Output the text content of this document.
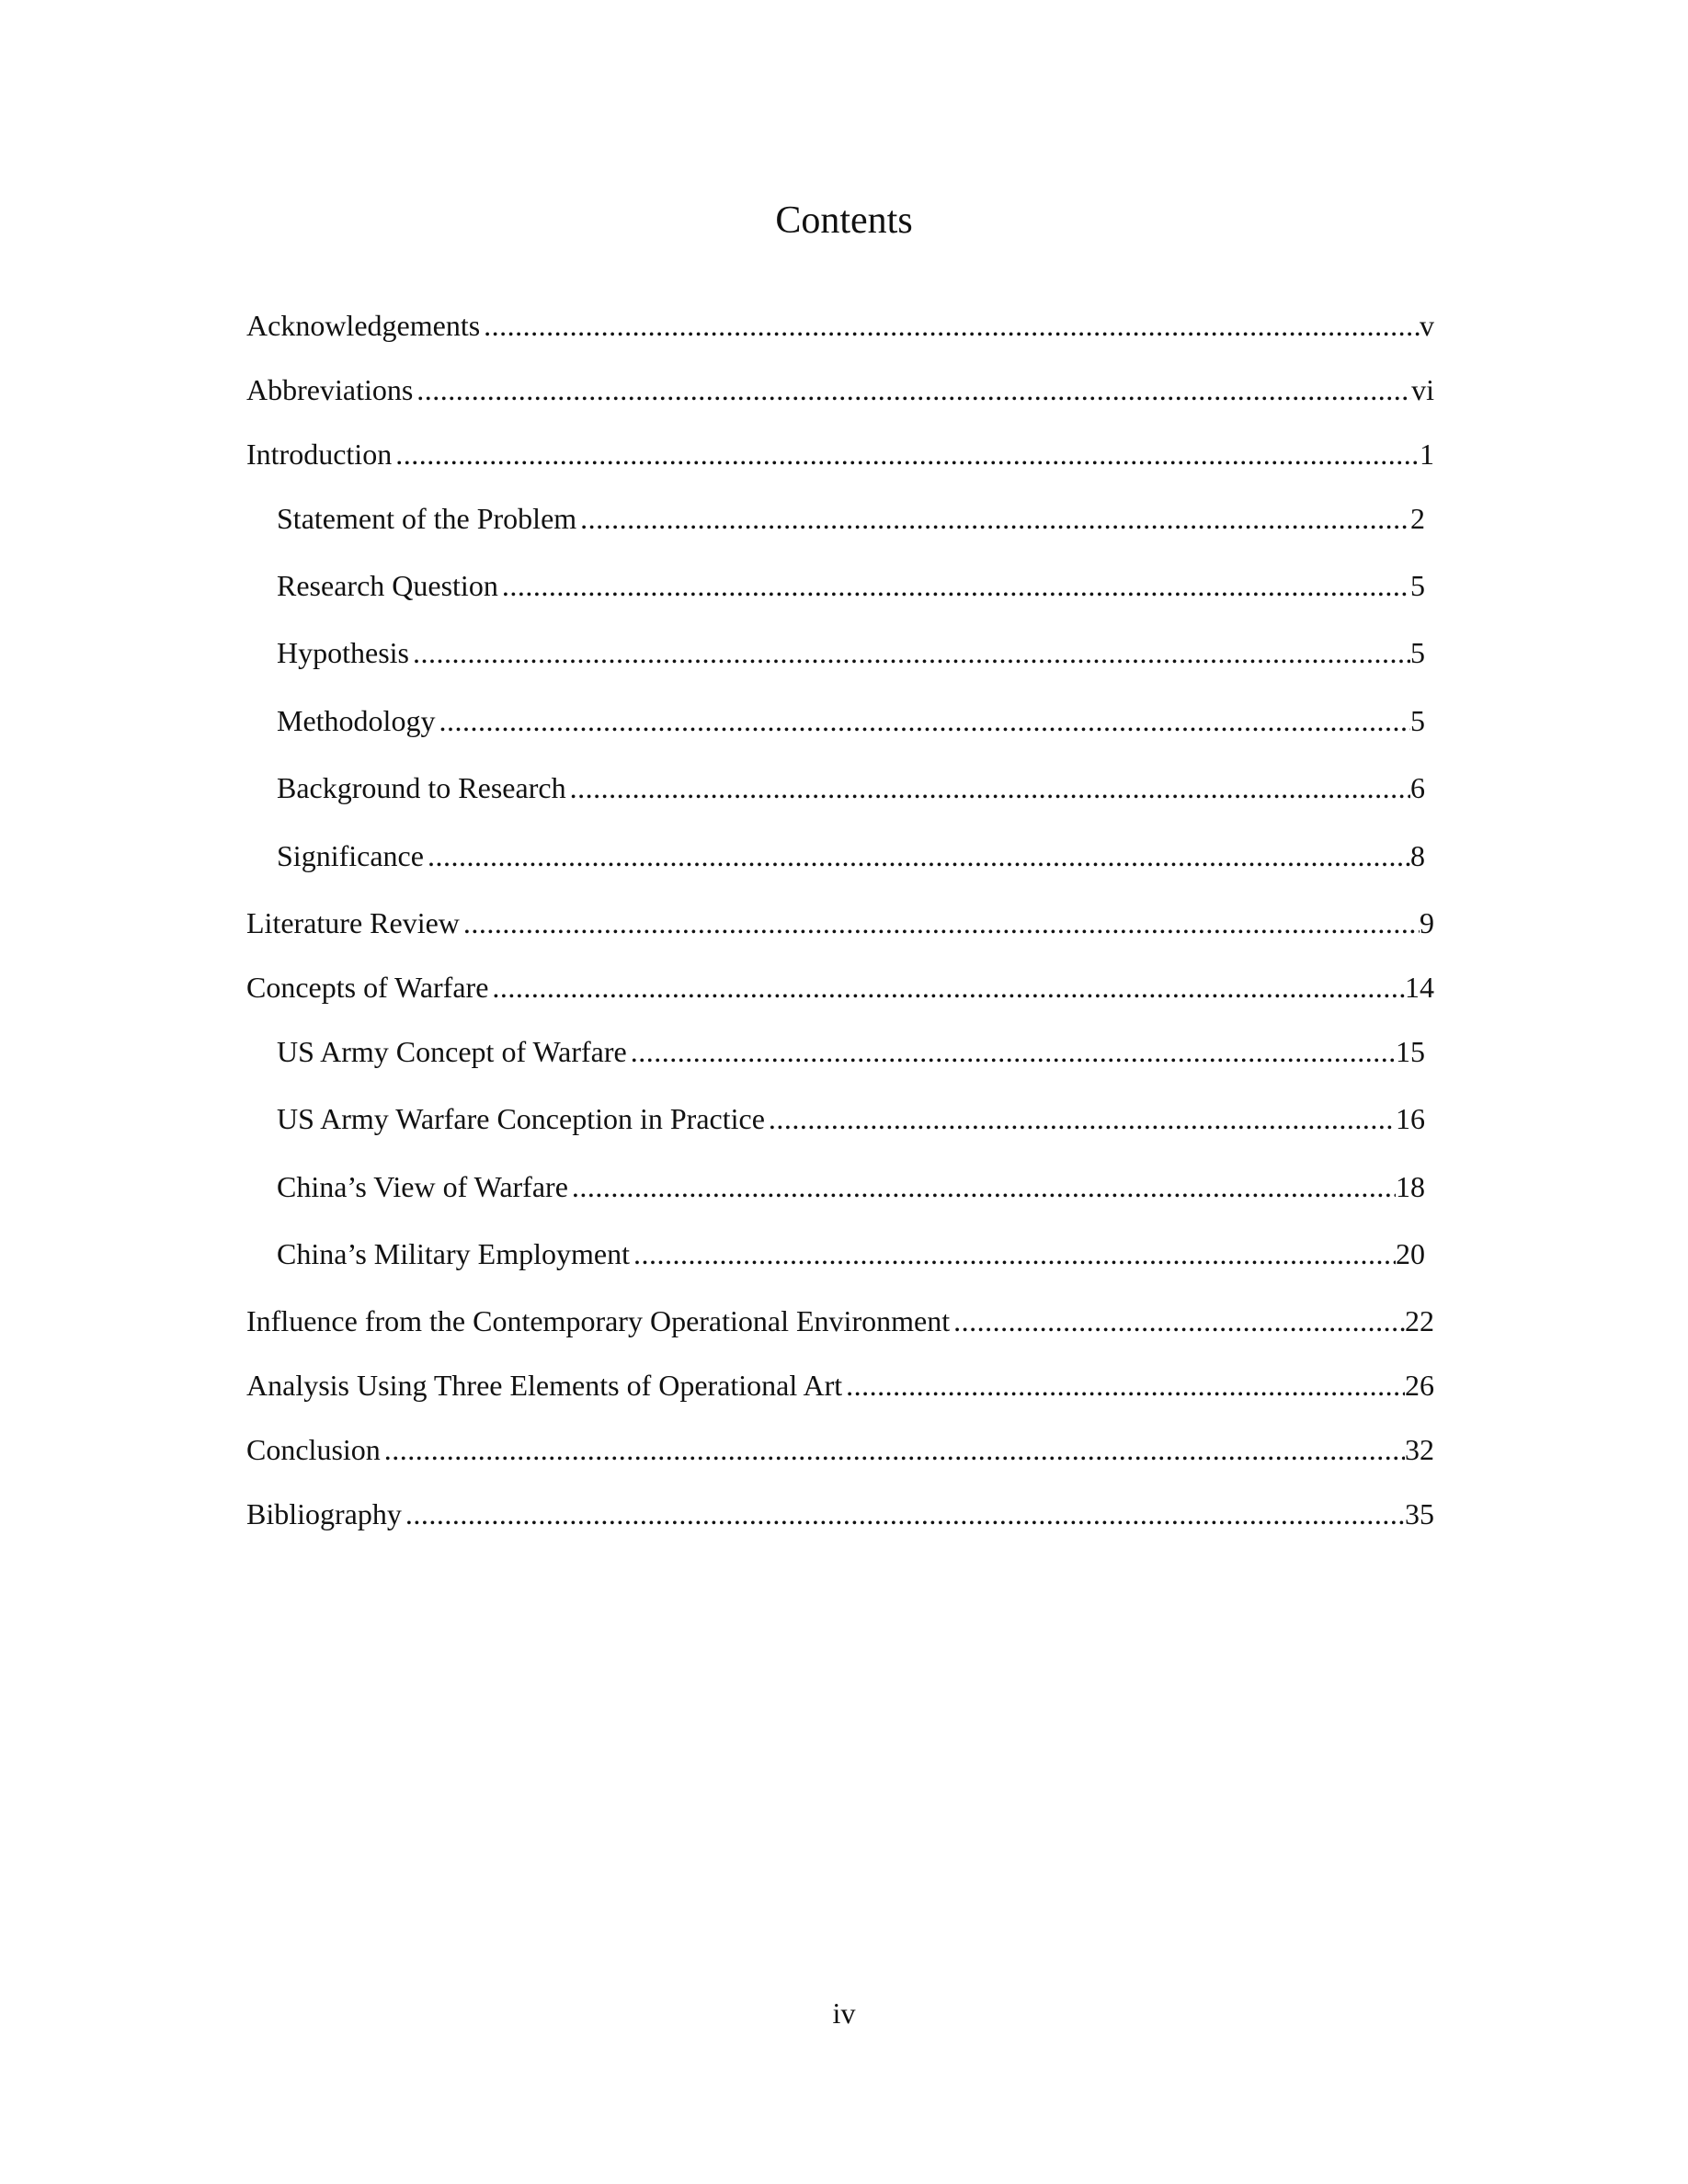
Contents
Acknowledgements .....	v
Abbreviations .....	vi
Introduction .....	1
Statement of the Problem .....	2
Research Question .....	5
Hypothesis .....	5
Methodology .....	5
Background to Research .....	6
Significance .....	8
Literature Review .....	9
Concepts of Warfare .....	14
US Army Concept of Warfare .....	15
US Army Warfare Conception in Practice .....	16
China’s View of Warfare .....	18
China’s Military Employment .....	20
Influence from the Contemporary Operational Environment .....	22
Analysis Using Three Elements of Operational Art .....	26
Conclusion .....	32
Bibliography .....	35
iv
